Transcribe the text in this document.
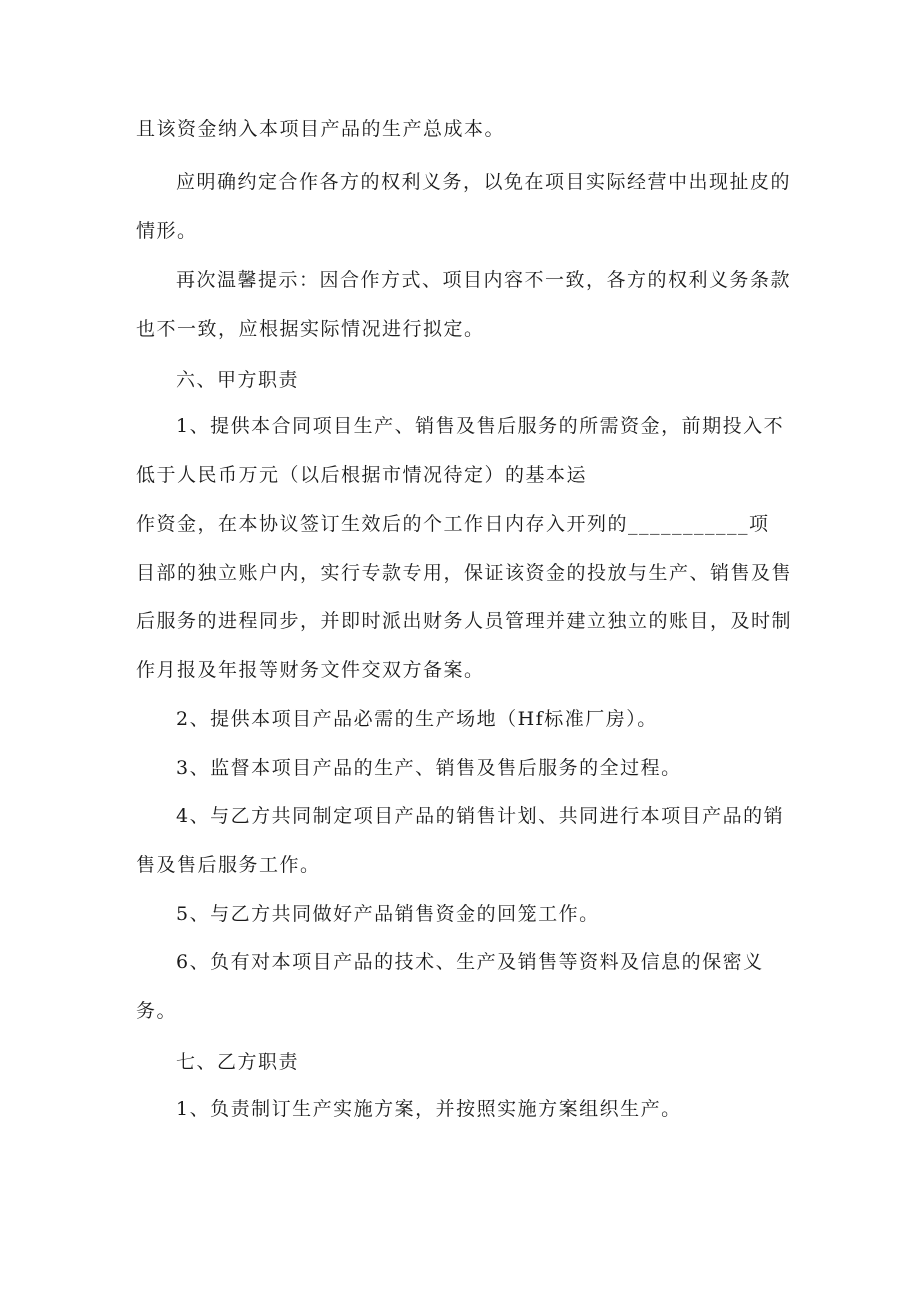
且该资金纳入本项目产品的生产总成本。
应明确约定合作各方的权利义务，以免在项目实际经营中出现扯皮的
情形。
再次温馨提示：因合作方式、项目内容不一致，各方的权利义务条款
也不一致，应根据实际情况进行拟定。
六、甲方职责
1、提供本合同项目生产、销售及售后服务的所需资金，前期投入不
低于人民币万元（以后根据市情况待定）的基本运
作资金，在本协议签订生效后的个工作日内存入开列的___________项
目部的独立账户内，实行专款专用，保证该资金的投放与生产、销售及售
后服务的进程同步，并即时派出财务人员管理并建立独立的账目，及时制
作月报及年报等财务文件交双方备案。
2、提供本项目产品必需的生产场地（Hf标准厂房）。
3、监督本项目产品的生产、销售及售后服务的全过程。
4、与乙方共同制定项目产品的销售计划、共同进行本项目产品的销
售及售后服务工作。
5、与乙方共同做好产品销售资金的回笼工作。
6、负有对本项目产品的技术、生产及销售等资料及信息的保密义
务。
七、乙方职责
1、负责制订生产实施方案，并按照实施方案组织生产。
